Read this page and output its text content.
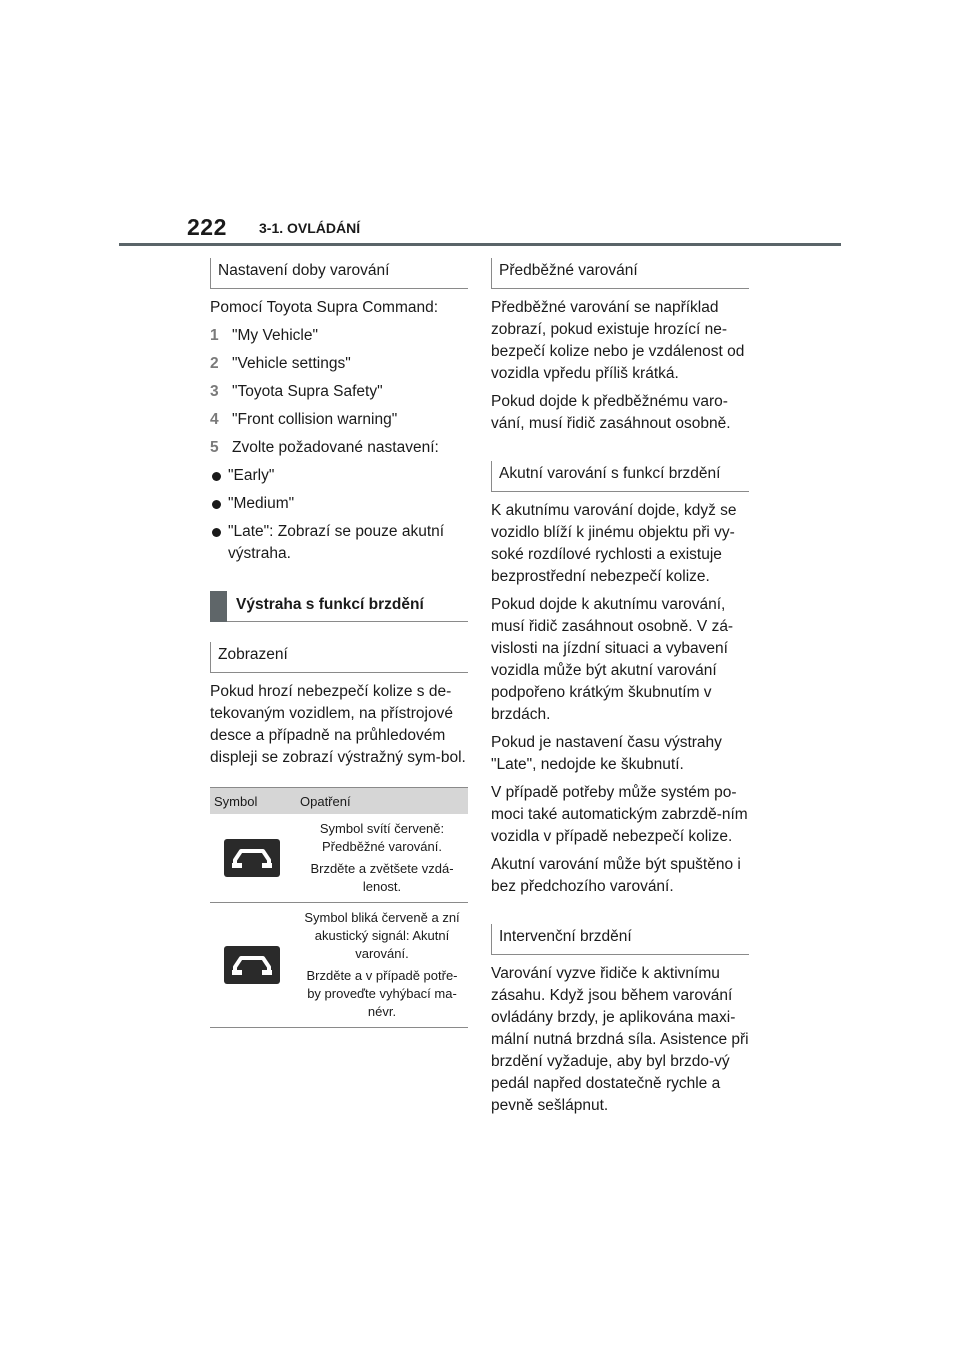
222 3-1. OVLÁDÁNÍ
Nastavení doby varování

Pomocí Toyota Supra Command:

1 "My Vehicle"
2 "Vehicle settings"
3 "Toyota Supra Safety"
4 "Front collision warning"
5 Zvolte požadované nastavení:
"Early"
"Medium"
"Late": Zobrazí se pouze akutní výstraha.
Výstraha s funkcí brzdění
Zobrazení

Pokud hrozí nebezpečí kolize s de-tekovaným vozidlem, na přístrojové desce a případně na průhledovém displeji se zobrazí výstražný sym-bol.

Symbol	Opatření

Symbol svítí červeně: Předběžné varování.

Brzděte a zvětšete vzdá-lenost.

Symbol bliká červeně a zní akustický signál: Akutní varování.

Brzděte a v případě potře-by proveďte vyhýbací ma-névr.

Předběžné varování

Předběžné varování se například zobrazí, pokud existuje hrozící ne-bezpečí kolize nebo je vzdálenost od vozidla vpředu příliš krátká.

Pokud dojde k předběžnému varo-vání, musí řidič zasáhnout osobně.

Akutní varování s funkcí brzdění

K akutnímu varování dojde, když se vozidlo blíží k jinému objektu při vy-soké rozdílové rychlosti a existuje bezprostřední nebezpečí kolize.

Pokud dojde k akutnímu varování, musí řidič zasáhnout osobně. V zá-vislosti na jízdní situaci a vybavení vozidla může být akutní varování podpořeno krátkým škubnutím v brzdách.

Pokud je nastavení času výstrahy "Late", nedojde ke škubnutí.

V případě potřeby může systém po-moci také automatickým zabrzdě-ním vozidla v případě nebezpečí kolize.

Akutní varování může být spuštěno i bez předchozího varování.

Intervenční brzdění

Varování vyzve řidiče k aktivnímu zásahu. Když jsou během varování ovládány brzdy, je aplikována maxi-mální nutná brzdná síla. Asistence při brzdění vyžaduje, aby byl brzdo-vý pedál napřed dostatečně rychle a pevně sešlápnut.
